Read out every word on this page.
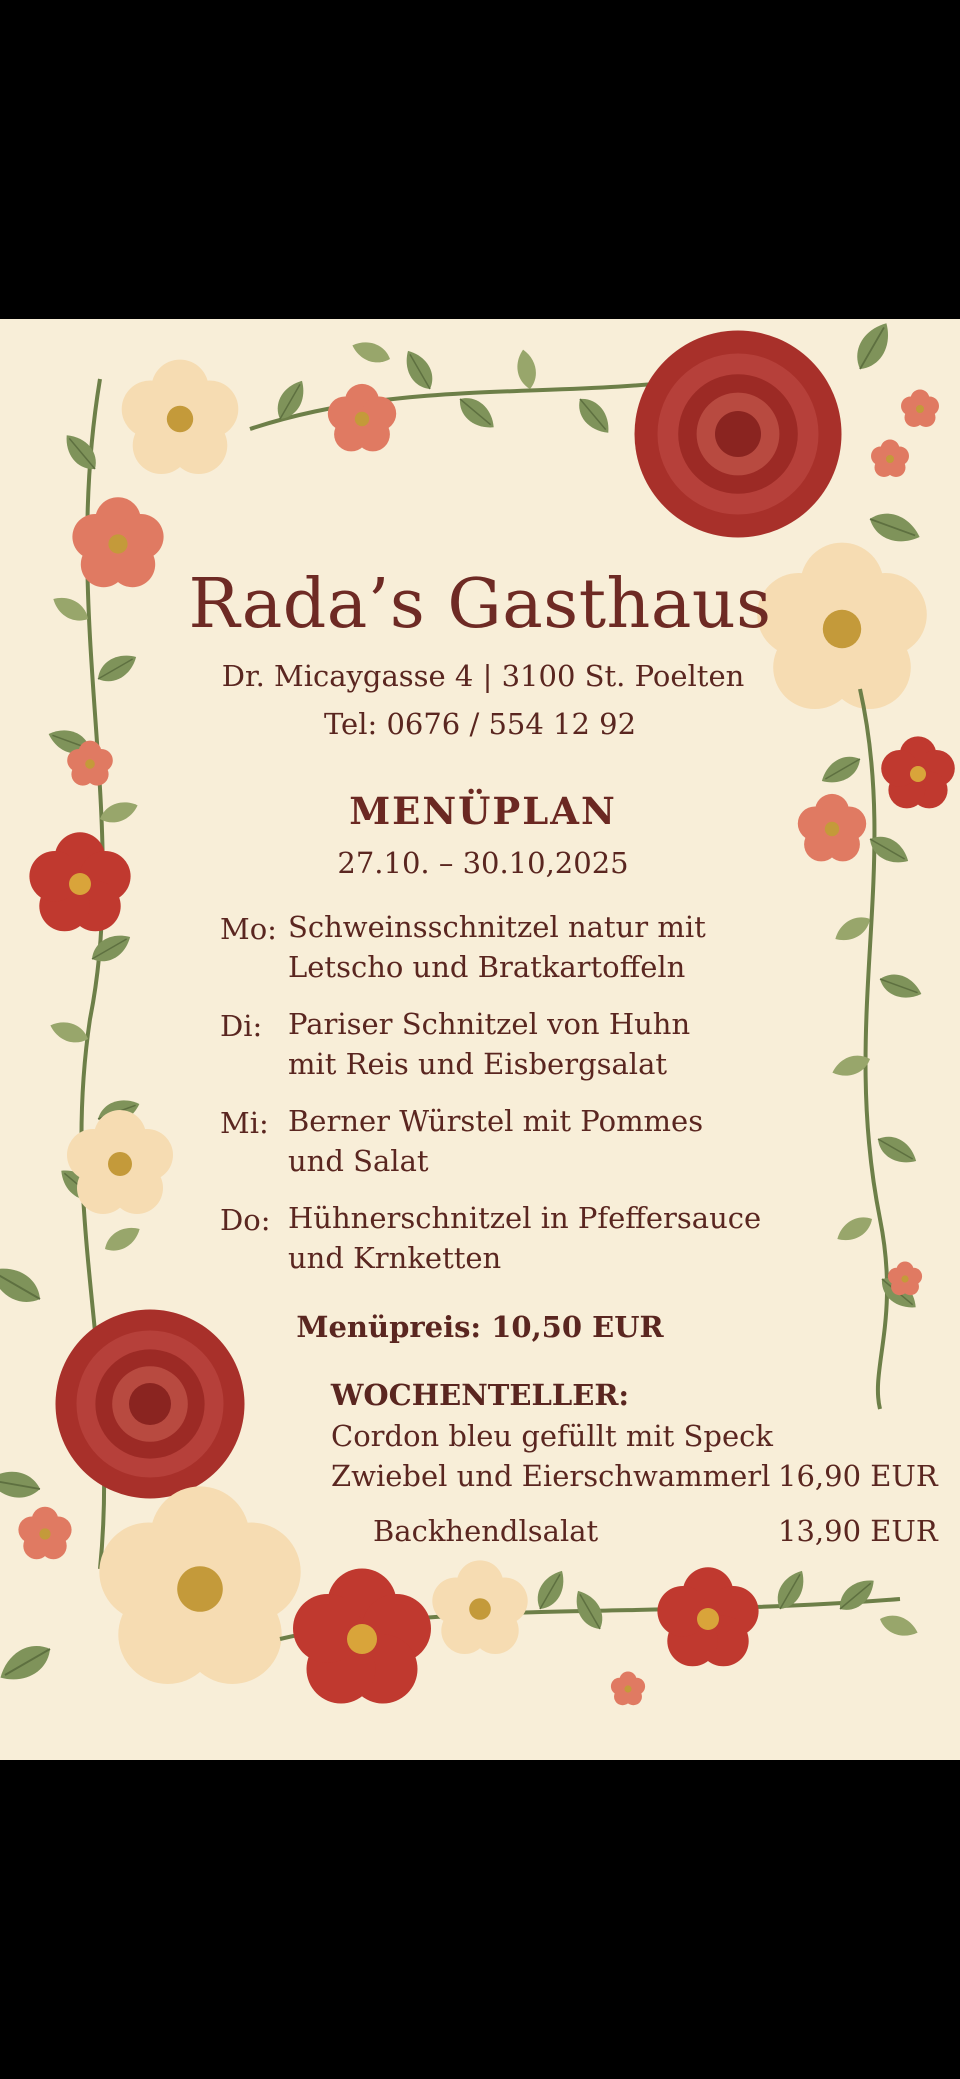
Rada’s Gasthaus
Dr. Micaygasse 4 | 3100 St. Poelten
Tel: 0676 / 554 12 92
MENÜPLAN
27.10. – 30.10,2025
Mo: Schweinsschnitzel natur mit
Letscho und Bratkartoffeln
Di: Pariser Schnitzel von Huhn
mit Reis und Eisbergsalat
Mi: Berner Würstel mit Pommes
und Salat
Do: Hühnerschnitzel in Pfeffersauce
und Krnketten
Menüpreis: 10,50 EUR
WOCHENTELLER:
Cordon bleu gefüllt mit Speck
Zwiebel und Eierschwammerl 16,90 EUR
Backhendlsalat	13,90 EUR
